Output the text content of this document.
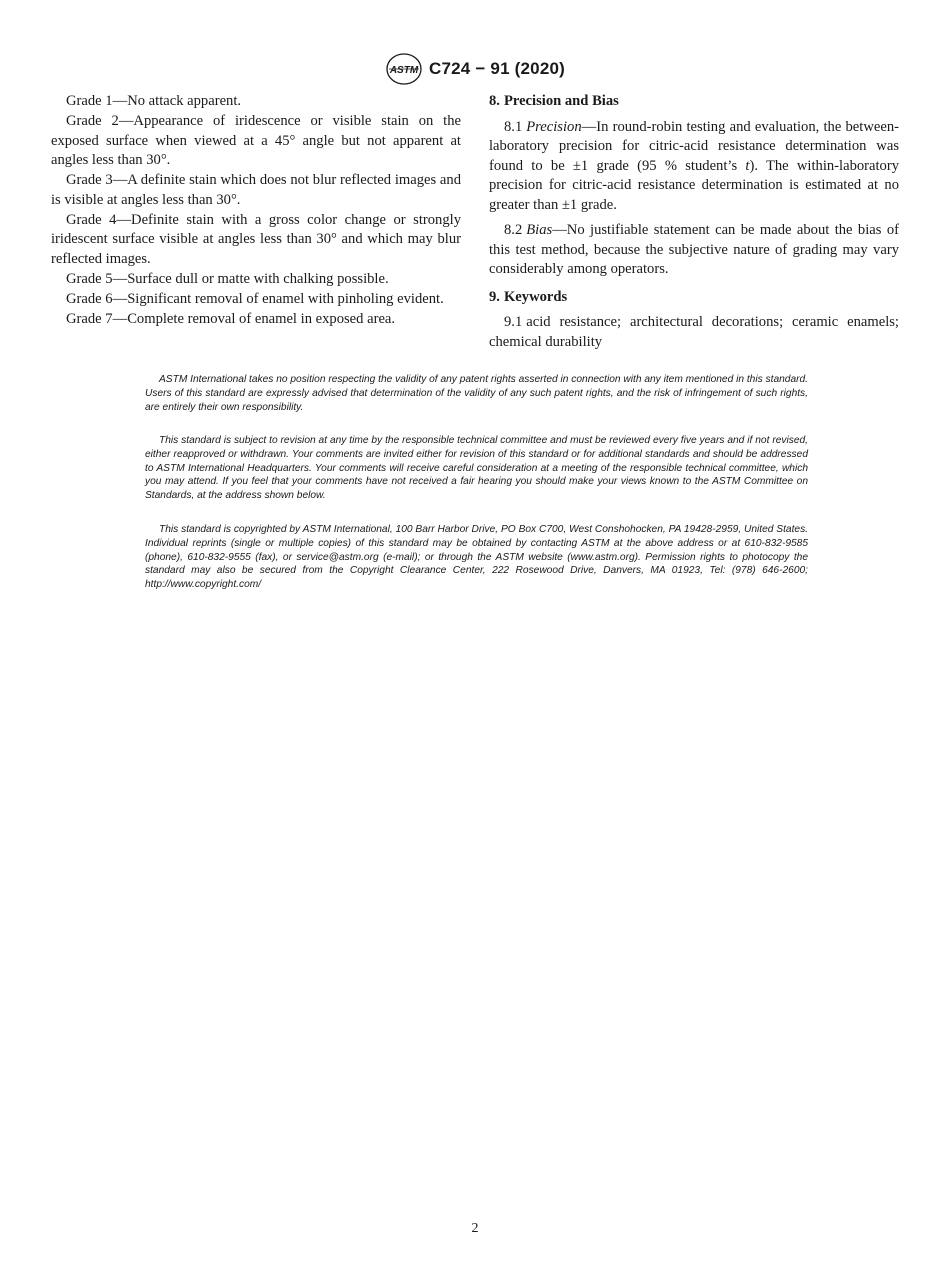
ASTM C724 − 91 (2020)

Grade 1—No attack apparent.

Grade 2—Appearance of iridescence or visible stain on the exposed surface when viewed at a 45° angle but not apparent at angles less than 30°.

Grade 3—A definite stain which does not blur reflected images and is visible at angles less than 30°.

Grade 4—Definite stain with a gross color change or strongly iridescent surface visible at angles less than 30° and which may blur reflected images.

Grade 5—Surface dull or matte with chalking possible.

Grade 6—Significant removal of enamel with pinholing evident.

Grade 7—Complete removal of enamel in exposed area.

8. Precision and Bias

8.1 Precision—In round-robin testing and evaluation, the between-laboratory precision for citric-acid resistance determination was found to be ±1 grade (95 % student’s t). The within-laboratory precision for citric-acid resistance determination is estimated at no greater than ±1 grade.

8.2 Bias—No justifiable statement can be made about the bias of this test method, because the subjective nature of grading may vary considerably among operators.

9. Keywords

9.1 acid resistance; architectural decorations; ceramic enamels; chemical durability

ASTM International takes no position respecting the validity of any patent rights asserted in connection with any item mentioned in this standard. Users of this standard are expressly advised that determination of the validity of any such patent rights, and the risk of infringement of such rights, are entirely their own responsibility.

This standard is subject to revision at any time by the responsible technical committee and must be reviewed every five years and if not revised, either reapproved or withdrawn. Your comments are invited either for revision of this standard or for additional standards and should be addressed to ASTM International Headquarters. Your comments will receive careful consideration at a meeting of the responsible technical committee, which you may attend. If you feel that your comments have not received a fair hearing you should make your views known to the ASTM Committee on Standards, at the address shown below.

This standard is copyrighted by ASTM International, 100 Barr Harbor Drive, PO Box C700, West Conshohocken, PA 19428-2959, United States. Individual reprints (single or multiple copies) of this standard may be obtained by contacting ASTM at the above address or at 610-832-9585 (phone), 610-832-9555 (fax), or service@astm.org (e-mail); or through the ASTM website (www.astm.org). Permission rights to photocopy the standard may also be secured from the Copyright Clearance Center, 222 Rosewood Drive, Danvers, MA 01923, Tel: (978) 646-2600; http://www.copyright.com/

2
